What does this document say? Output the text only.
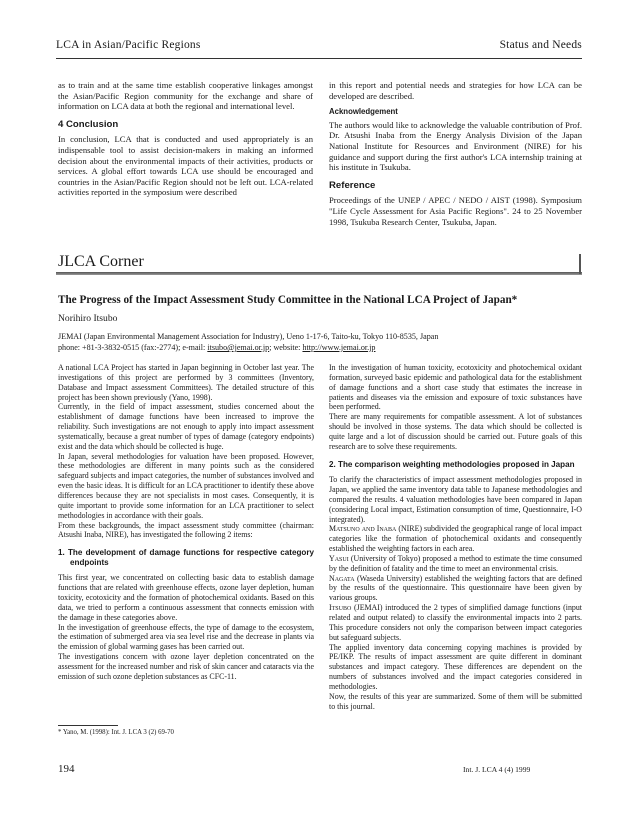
LCA in Asian/Pacific Regions	Status and Needs

as to train and at the same time establish cooperative linkages amongst the Asian/Pacific Region community for the exchange and share of information on LCA data at both the regional and international level.

4 Conclusion

In conclusion, LCA that is conducted and used appropriately is an indispensable tool to assist decision-makers in making an informed decision about the environmental impacts of their activities, products or services. A global effort towards LCA use should be encouraged and countries in the Asian/Pacific Region should not be left out. LCA-related activities reported in the symposium were described

in this report and potential needs and strategies for how LCA can be developed are described.

Acknowledgement

The authors would like to acknowledge the valuable contribution of Prof. Dr. Atsushi Inaba from the Energy Analysis Division of the Japan National Institute for Resources and Environment (NIRE) for his guidance and support during the first author's LCA internship training at his institute in Tsukuba.

Reference

Proceedings of the UNEP / APEC / NEDO / AIST (1998). Symposium "Life Cycle Assessment for Asia Pacific Regions". 24 to 25 November 1998, Tsukuba Research Center, Tsukuba, Japan.

JLCA Corner
The Progress of the Impact Assessment Study Committee in the National LCA Project of Japan*
Norihiro Itsubo
JEMAI (Japan Environmental Management Association for Industry), Ueno 1-17-6, Taito-ku, Tokyo 110-8535, Japan
phone: +81-3-3832-0515 (fax:-2774); e-mail: itsubo@jemai.or.jp; website: http://www.jemai.or.jp

A national LCA Project has started in Japan beginning in October last year. The investigations of this project are performed by 3 committees (Inventory, Database and Impact assessment Committees). The detailed structure of this project has been shown previously (Yano, 1998).

Currently, in the field of impact assessment, studies concerned about the establishment of damage functions have been increased to improve the reliability. Such investigations are not enough to apply into impact assessment systematically, because a great number of types of damage (category endpoints) exist and the data which should be collected is huge.

In Japan, several methodologies for valuation have been proposed. However, these methodologies are different in many points such as the considered safeguard subjects and impact categories, the number of substances involved and even the basic ideas. It is difficult for an LCA practitioner to identify these above differences because they are not specialists in most cases. Consequently, it is quite important to provide some information for an LCA practitioner to select methodologies in accordance with their goals.

From these backgrounds, the impact assessment study committee (chairman: Atsushi Inaba, NIRE), has investigated the following 2 items:

1. The development of damage functions for respective category endpoints

This first year, we concentrated on collecting basic data to establish damage functions that are related with greenhouse effects, ozone layer depletion, human toxicity, ecotoxicity and the formation of photochemical oxidants. Based on this data, we tried to perform a continuous assessment that connects emission with the damage in these categories above.

In the investigation of greenhouse effects, the type of damage to the ecosystem, the estimation of submerged area via sea level rise and the decrease in plants via the emission of global warming gases has been carried out.

The investigations concern with ozone layer depletion concentrated on the assessment for the increased number and risk of skin cancer and cataracts via the emission of such ozone depletion substances as CFC-11.

In the investigation of human toxicity, ecotoxicity and photochemical oxidant formation, surveyed basic epidemic and pathological data for the establishment of damage functions and a short case study that estimates the increase in patients and diseases via the emission and exposure of toxic substances have been performed.

There are many requirements for compatible assessment. A lot of substances should be involved in those systems. The data which should be collected is quite large and a lot of discussion should be carried out. Future goals of this research are to solve these requirements.

2. The comparison weighting methodologies proposed in Japan

To clarify the characteristics of impact assessment methodologies proposed in Japan, we applied the same inventory data table to Japanese methodologies and compared the results. 4 valuation methodologies have been compared in Japan (considering Local impact, Estimation consumption of time, Questionnaire, I-O integrated).

Matsuno and Inaba (NIRE) subdivided the geographical range of local impact categories like the formation of photochemical oxidants and consequently established the weighting factors in each area.

Yasui (University of Tokyo) proposed a method to estimate the time consumed by the definition of fatality and the time to meet an environmental crisis.

Nagata (Waseda University) established the weighting factors that are defined by the results of the questionnaire. This questionnaire have been given by various groups.

Itsubo (JEMAI) introduced the 2 types of simplified damage functions (input related and output related) to classify the environmental impacts into 2 parts. This procedure considers not only the comparison between impact categories but safeguard subjects.

The applied inventory data concerning copying machines is provided by PE/IKP. The results of impact assessment are quite different in dominant substances and impact category. These differences are dependent on the numbers of substances involved and the impact categories considered in methodologies.

Now, the results of this year are summarized. Some of them will be submitted to this journal.

* Yano, M. (1998): Int. J. LCA 3 (2) 69-70
194	Int. J. LCA 4 (4) 1999
